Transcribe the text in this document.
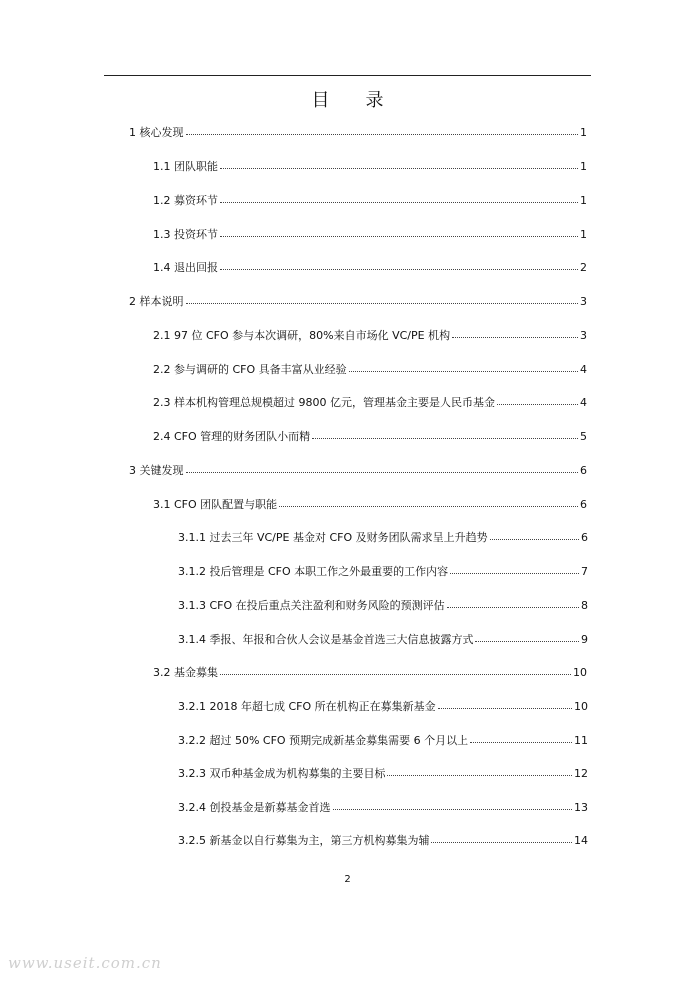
目 录
1 核心发现	1
1.1 团队职能	1
1.2 募资环节	1
1.3 投资环节	1
1.4 退出回报	2
2 样本说明	3
2.1 97 位 CFO 参与本次调研，80%来自市场化 VC/PE 机构	3
2.2 参与调研的 CFO 具备丰富从业经验	4
2.3 样本机构管理总规模超过 9800 亿元，管理基金主要是人民币基金	4
2.4 CFO 管理的财务团队小而精	5
3 关键发现	6
3.1 CFO 团队配置与职能	6
3.1.1 过去三年 VC/PE 基金对 CFO 及财务团队需求呈上升趋势	6
3.1.2 投后管理是 CFO 本职工作之外最重要的工作内容	7
3.1.3 CFO 在投后重点关注盈利和财务风险的预测评估	8
3.1.4 季报、年报和合伙人会议是基金首选三大信息披露方式	9
3.2 基金募集	10
3.2.1 2018 年超七成 CFO 所在机构正在募集新基金	10
3.2.2 超过 50% CFO 预期完成新基金募集需要 6 个月以上	11
3.2.3 双币种基金成为机构募集的主要目标	12
3.2.4 创投基金是新募基金首选	13
3.2.5 新基金以自行募集为主，第三方机构募集为辅	14
2
www.useit.com.cn
